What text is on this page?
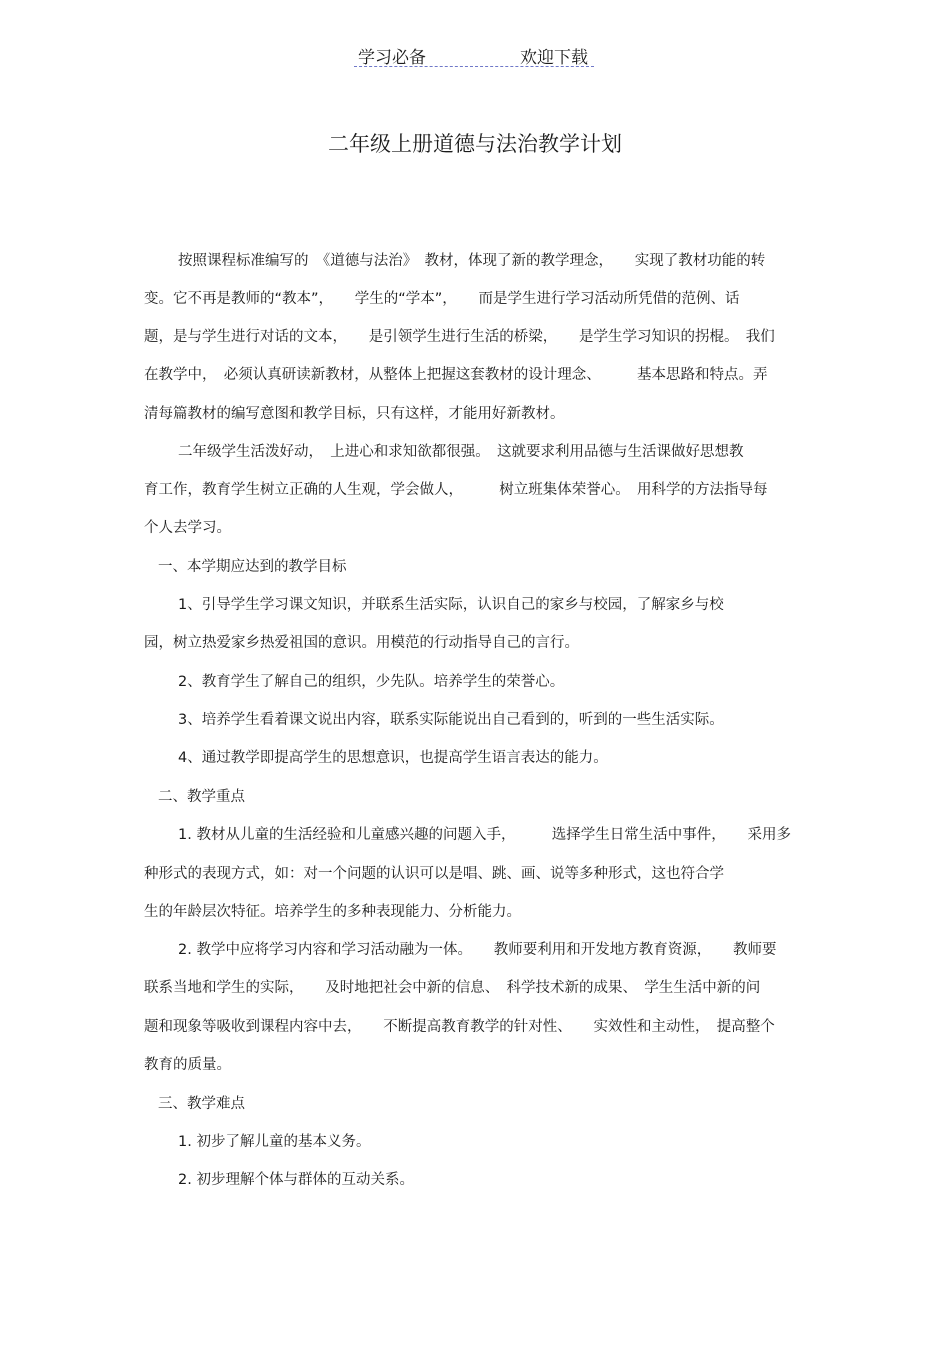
学习必备	欢迎下载
二年级上册道德与法治教学计划
按照课程标准编写的　《道德与法治》　教材，体现了新的教学理念，　　实现了教材功能的转
变。它不再是教师的“教本”，　　学生的“学本”，　　而是学生进行学习活动所凭借的范例、话
题，是与学生进行对话的文本，　　是引领学生进行生活的桥梁，　　是学生学习知识的拐棍。　我们
在教学中，　必须认真研读新教材，从整体上把握这套教材的设计理念、　　　基本思路和特点。弄
清每篇教材的编写意图和教学目标，只有这样，才能用好新教材。
二年级学生活泼好动，　上进心和求知欲都很强。　这就要求利用品德与生活课做好思想教
育工作，教育学生树立正确的人生观，学会做人，　　　树立班集体荣誉心。　用科学的方法指导每
个人去学习。
一、本学期应达到的教学目标
1、引导学生学习课文知识，并联系生活实际，认识自己的家乡与校园，了解家乡与校
园，树立热爱家乡热爱祖国的意识。用模范的行动指导自己的言行。
2、教育学生了解自己的组织，少先队。培养学生的荣誉心。
3、培养学生看着课文说出内容，联系实际能说出自己看到的，听到的一些生活实际。
4、通过教学即提高学生的思想意识，也提高学生语言表达的能力。
二、教学重点
1. 教材从儿童的生活经验和儿童感兴趣的问题入手，　　　选择学生日常生活中事件，　　采用多
种形式的表现方式，如：对一个问题的认识可以是唱、跳、画、说等多种形式，这也符合学
生的年龄层次特征。培养学生的多种表现能力、分析能力。
2. 教学中应将学习内容和学习活动融为一体。　　教师要利用和开发地方教育资源，　　教师要
联系当地和学生的实际，　　及时地把社会中新的信息、　科学技术新的成果、　学生生活中新的问
题和现象等吸收到课程内容中去，　　不断提高教育教学的针对性、　　实效性和主动性，　提高整个
教育的质量。
三、教学难点
1. 初步了解儿童的基本义务。
2. 初步理解个体与群体的互动关系。
